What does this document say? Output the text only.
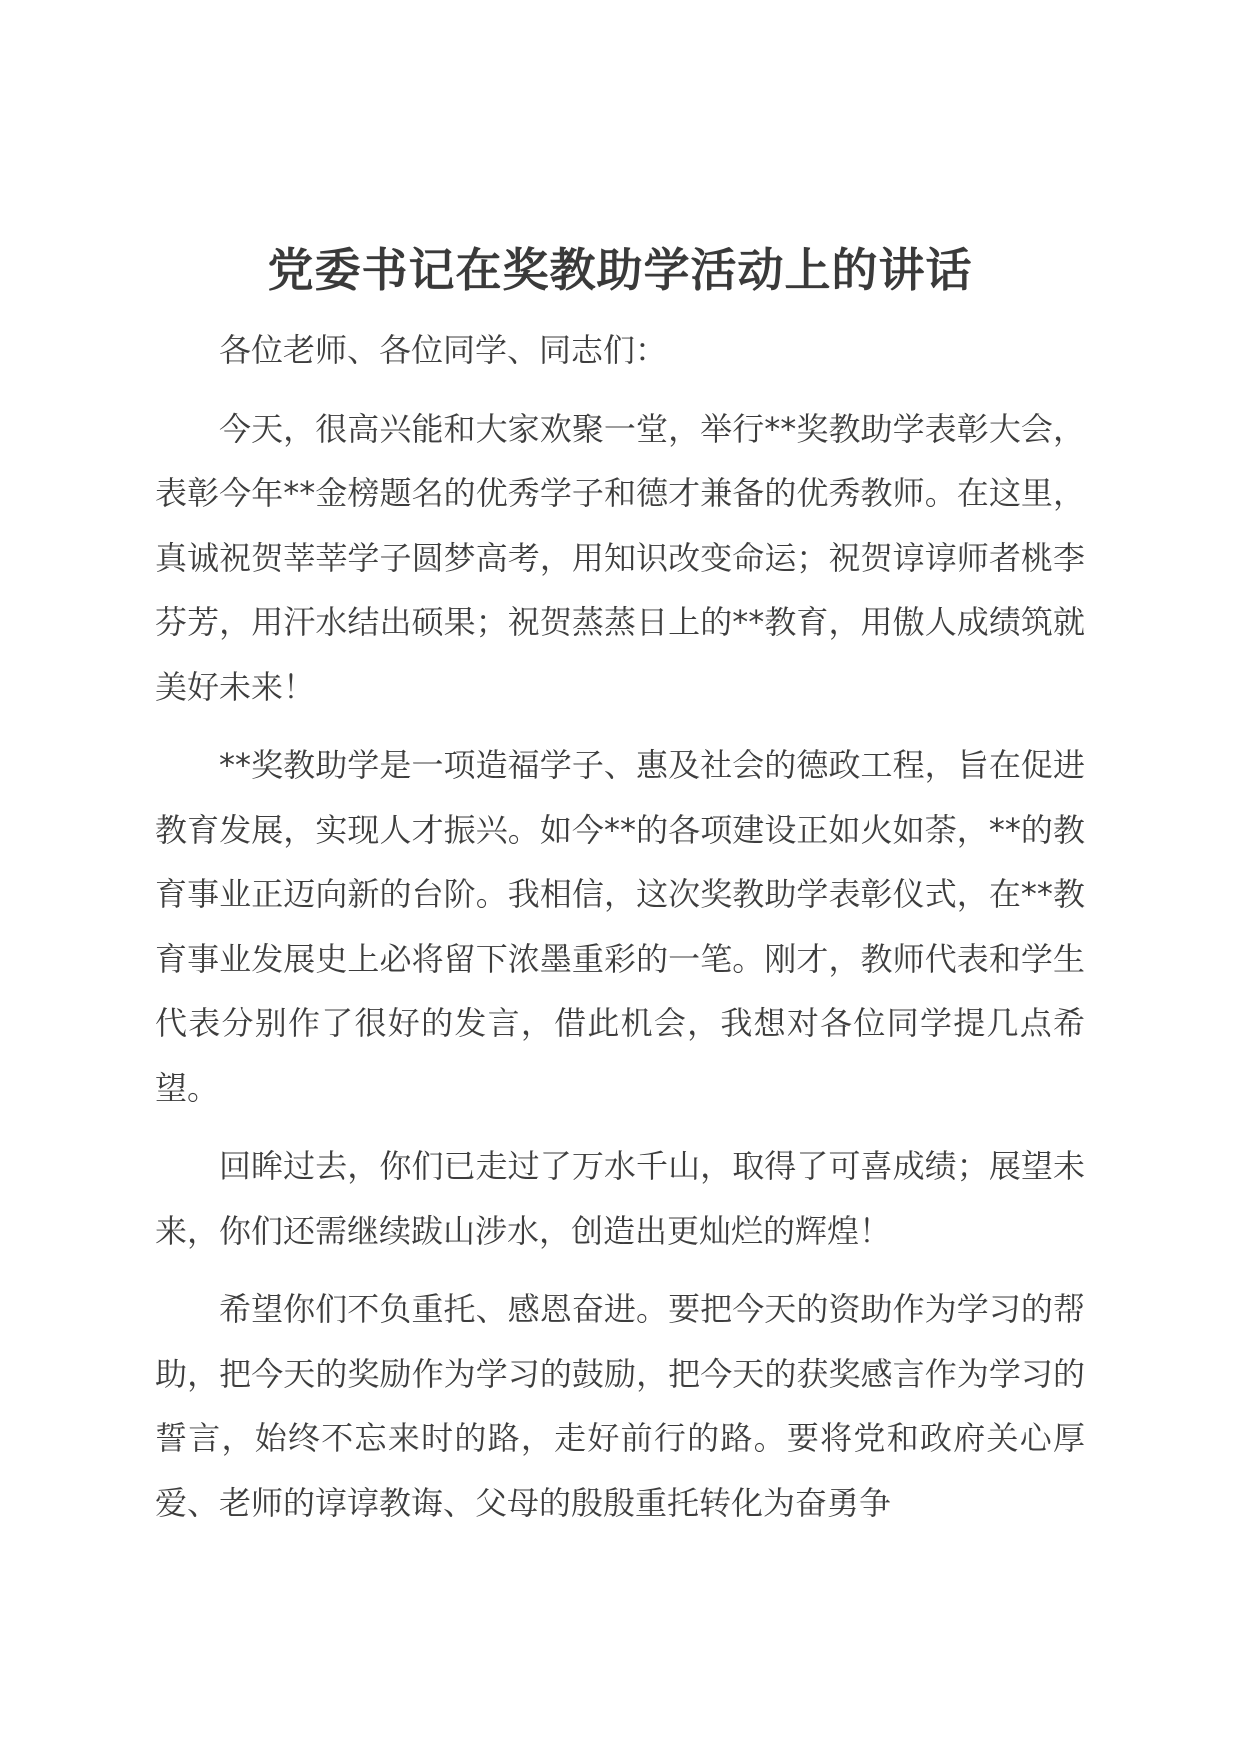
党委书记在奖教助学活动上的讲话

各位老师、各位同学、同志们：

今天，很高兴能和大家欢聚一堂，举行**奖教助学表彰大会，表彰今年**金榜题名的优秀学子和德才兼备的优秀教师。在这里，真诚祝贺莘莘学子圆梦高考，用知识改变命运；祝贺谆谆师者桃李芬芳，用汗水结出硕果；祝贺蒸蒸日上的**教育，用傲人成绩筑就美好未来！

**奖教助学是一项造福学子、惠及社会的德政工程，旨在促进教育发展，实现人才振兴。如今**的各项建设正如火如荼，**的教育事业正迈向新的台阶。我相信，这次奖教助学表彰仪式，在**教育事业发展史上必将留下浓墨重彩的一笔。刚才，教师代表和学生代表分别作了很好的发言，借此机会，我想对各位同学提几点希望。

回眸过去，你们已走过了万水千山，取得了可喜成绩；展望未来，你们还需继续跋山涉水，创造出更灿烂的辉煌！

希望你们不负重托、感恩奋进。要把今天的资助作为学习的帮助，把今天的奖励作为学习的鼓励，把今天的获奖感言作为学习的誓言，始终不忘来时的路，走好前行的路。要将党和政府关心厚爱、老师的谆谆教诲、父母的殷殷重托转化为奋勇争
